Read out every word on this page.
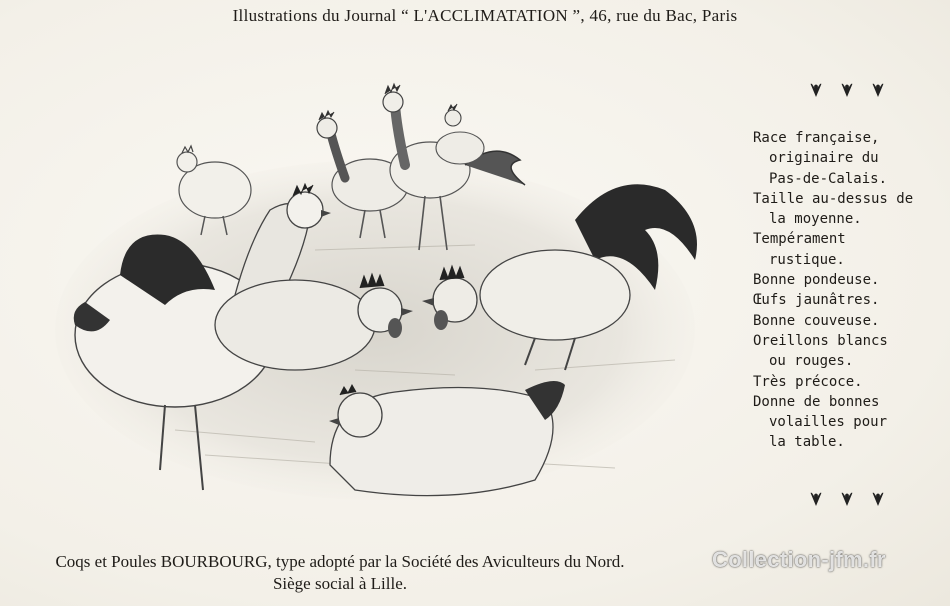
Illustrations du Journal “ L'ACCLIMATATION ”, 46, rue du Bac, Paris
Race française,
originaire du
Pas-de-Calais.
Taille au-dessus de
la moyenne.
Tempérament
rustique.
Bonne pondeuse.
Œufs jaunâtres.
Bonne couveuse.
Oreillons blancs
ou rouges.
Très précoce.
Donne de bonnes
volailles pour
la table.
Coqs et Poules BOURBOURG, type adopté par la Société des Aviculteurs du Nord.
Siège social à Lille.
Collection-jfm.fr
